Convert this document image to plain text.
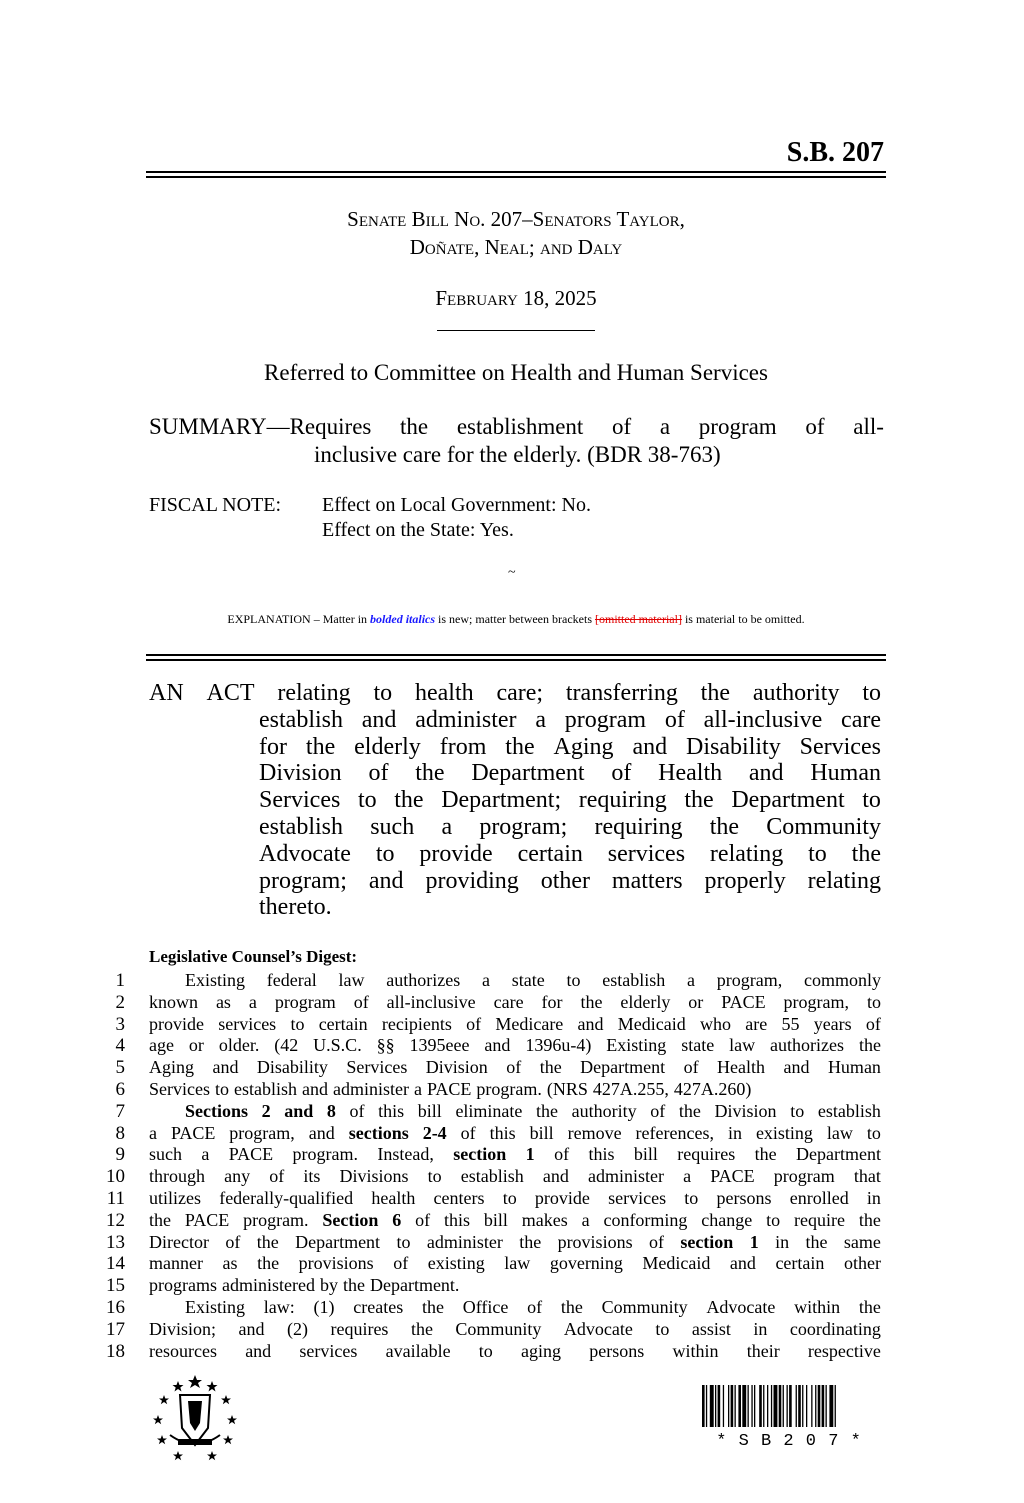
S.B. 207
Senate Bill No. 207–Senators Taylor,
Doñate, Neal; and Daly
February 18, 2025
Referred to Committee on Health and Human Services
SUMMARY—Requires the establishment of a program of all-
inclusive care for the elderly. (BDR 38-763)
FISCAL NOTE: Effect on Local Government: No.
Effect on the State: Yes.
~
EXPLANATION – Matter in bolded italics is new; matter between brackets [omitted material] is material to be omitted.
AN ACT relating to health care; transferring the authority to
establish and administer a program of all-inclusive care
for the elderly from the Aging and Disability Services
Division of the Department of Health and Human
Services to the Department; requiring the Department to
establish such a program; requiring the Community
Advocate to provide certain services relating to the
program; and providing other matters properly relating
thereto.
Legislative Counsel’s Digest:
1	Existing federal law authorizes a state to establish a program, commonly
2 known as a program of all-inclusive care for the elderly or PACE program, to
3 provide services to certain recipients of Medicare and Medicaid who are 55 years of
4 age or older. (42 U.S.C. §§ 1395eee and 1396u-4) Existing state law authorizes the
5 Aging and Disability Services Division of the Department of Health and Human
6 Services to establish and administer a PACE program. (NRS 427A.255, 427A.260)
7	Sections 2 and 8 of this bill eliminate the authority of the Division to establish
8 a PACE program, and sections 2-4 of this bill remove references, in existing law to
9 such a PACE program. Instead, section 1 of this bill requires the Department
10 through any of its Divisions to establish and administer a PACE program that
11 utilizes federally-qualified health centers to provide services to persons enrolled in
12 the PACE program. Section 6 of this bill makes a conforming change to require the
13 Director of the Department to administer the provisions of section 1 in the same
14 manner as the provisions of existing law governing Medicaid and certain other
15 programs administered by the Department.
16	Existing law: (1) creates the Office of the Community Advocate within the
17 Division; and (2) requires the Community Advocate to assist in coordinating
18 resources and services available to aging persons within their respective
* S B 2 0 7 *
